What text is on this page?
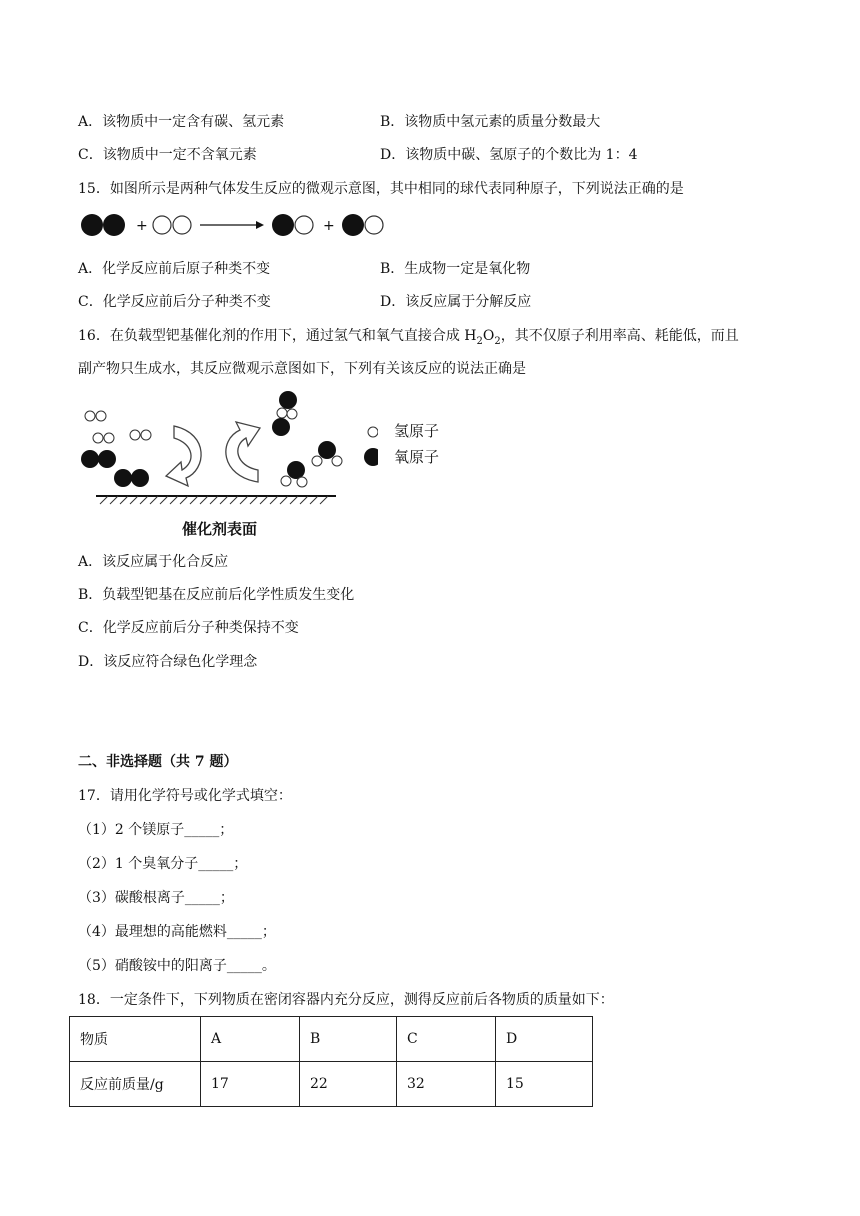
A．该物质中一定含有碳、氢元素	B．该物质中氢元素的质量分数最大
C．该物质中一定不含氧元素	D．该物质中碳、氢原子的个数比为 1：4
15．如图所示是两种气体发生反应的微观示意图，其中相同的球代表同种原子，下列说法正确的是
+	+
A．化学反应前后原子种类不变	B．生成物一定是氧化物
C．化学反应前后分子种类不变	D．该反应属于分解反应
16．在负载型钯基催化剂的作用下，通过氢气和氧气直接合成 $H_2O_2$，其不仅原子利用率高、耗能低，而且
副产物只生成水，其反应微观示意图如下，下列有关该反应的说法正确是
氢原子
氧原子
催化剂表面
A．该反应属于化合反应
B．负载型钯基在反应前后化学性质发生变化
C．化学反应前后分子种类保持不变
D．该反应符合绿色化学理念
二、非选择题（共 7 题）
17．请用化学符号或化学式填空：
（1）2 个镁原子_____；
（2）1 个臭氧分子_____；
（3）碳酸根离子_____；
（4）最理想的高能燃料_____；
（5）硝酸铵中的阳离子_____。
18．一定条件下，下列物质在密闭容器内充分反应，测得反应前后各物质的质量如下：
物质	A	B	C	D
反应前质量/g	17	22	32	15
